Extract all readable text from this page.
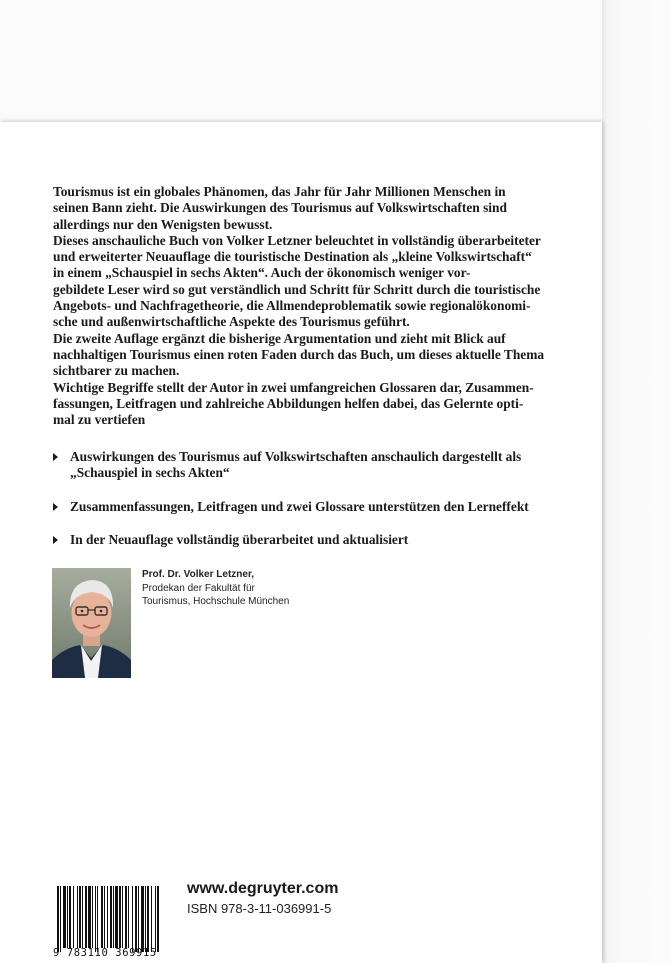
Tourismus ist ein globales Phänomen, das Jahr für Jahr Millionen Menschen in
seinen Bann zieht. Die Auswirkungen des Tourismus auf Volkswirtschaften sind
allerdings nur den Wenigsten bewusst.
Dieses anschauliche Buch von Volker Letzner beleuchtet in vollständig überarbeiteter
und erweiterter Neuauflage die touristische Destination als „kleine Volkswirtschaft“
in einem „Schauspiel in sechs Akten“. Auch der ökonomisch weniger vor-
gebildete Leser wird so gut verständlich und Schritt für Schritt durch die touristische
Angebots- und Nachfragetheorie, die Allmendeproblematik sowie regionalökonomi-
sche und außenwirtschaftliche Aspekte des Tourismus geführt.
Die zweite Auflage ergänzt die bisherige Argumentation und zieht mit Blick auf
nachhaltigen Tourismus einen roten Faden durch das Buch, um dieses aktuelle Thema
sichtbarer zu machen.
Wichtige Begriffe stellt der Autor in zwei umfangreichen Glossaren dar, Zusammen-
fassungen, Leitfragen und zahlreiche Abbildungen helfen dabei, das Gelernte opti-
mal zu vertiefen

Auswirkungen des Tourismus auf Volkswirtschaften anschaulich dargestellt als
„Schauspiel in sechs Akten“
Zusammenfassungen, Leitfragen und zwei Glossare unterstützen den Lerneffekt
In der Neuauflage vollständig überarbeitet und aktualisiert
Prof. Dr. Volker Letzner,
Prodekan der Fakultät für
Tourismus, Hochschule München
9 783110 369915
www.degruyter.com
ISBN 978-3-11-036991-5
